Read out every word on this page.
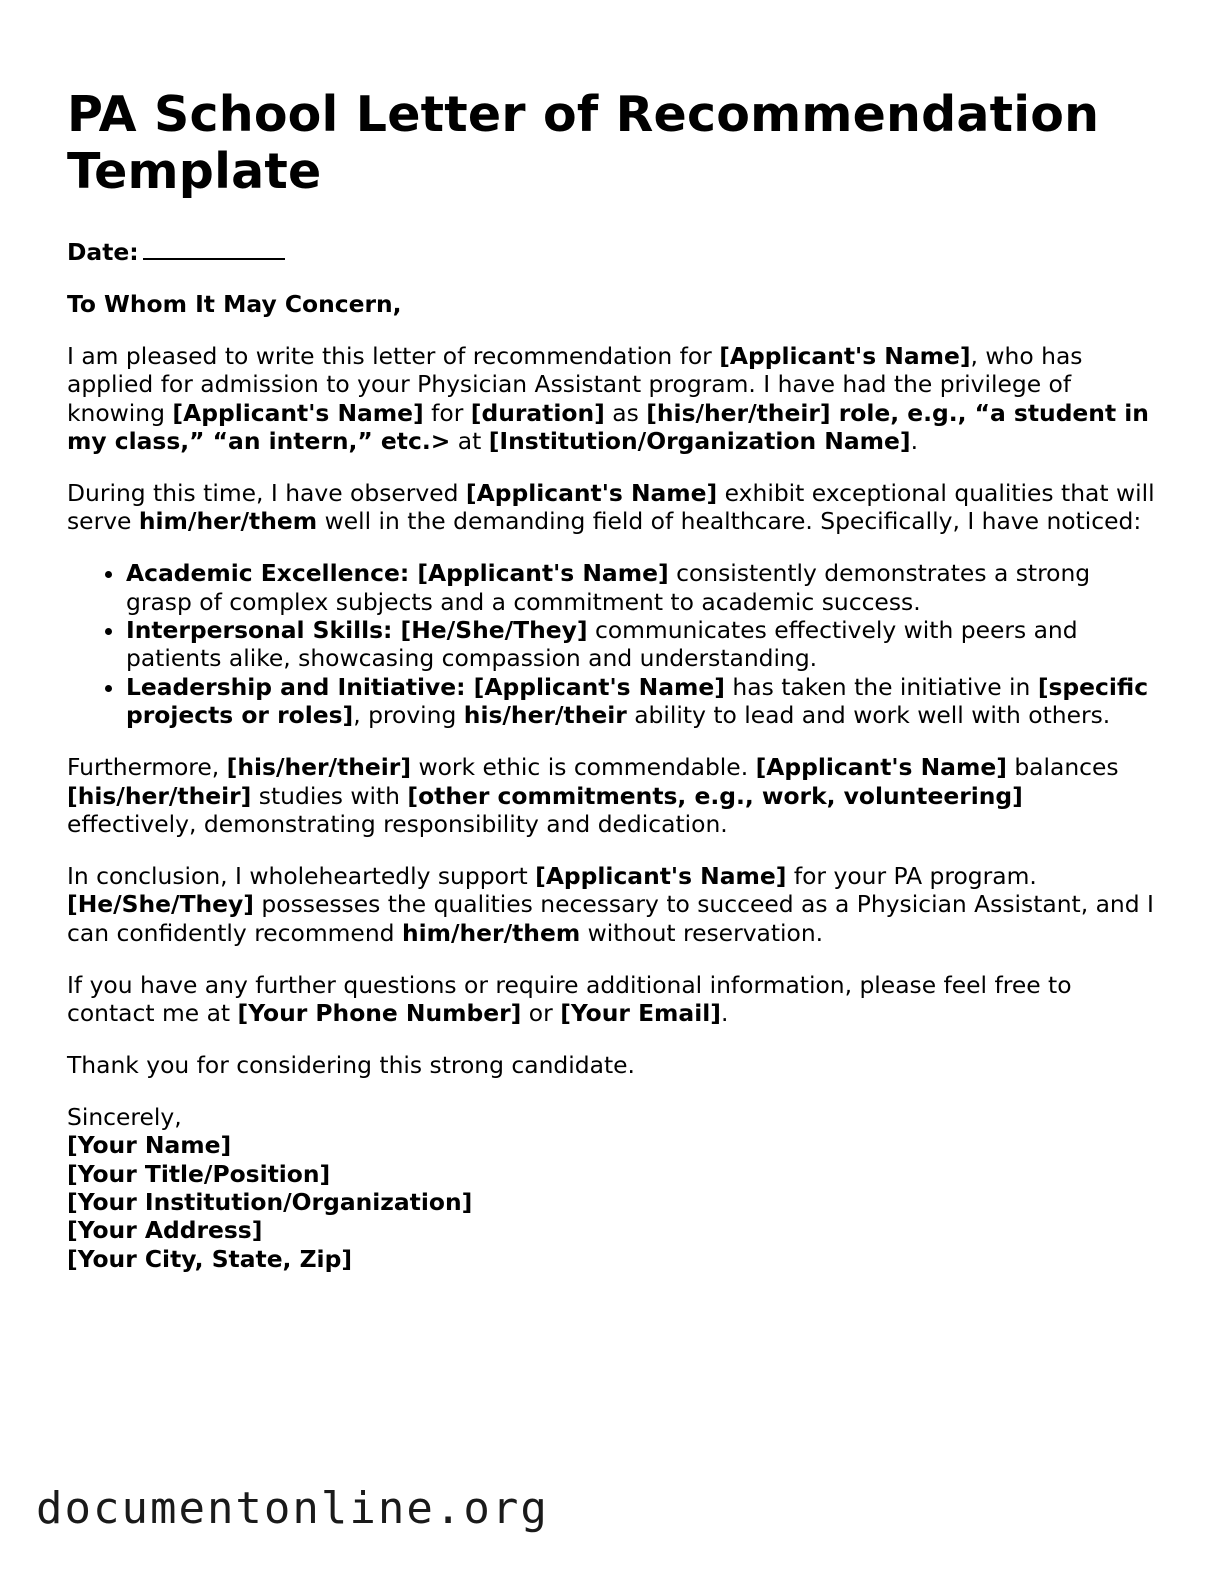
PA School Letter of Recommendation Template

Date:

To Whom It May Concern,

I am pleased to write this letter of recommendation for [Applicant's Name], who has applied for admission to your Physician Assistant program. I have had the privilege of knowing [Applicant's Name] for [duration] as [his/her/their] role, e.g., “a student in my class,” “an intern,” etc.> at [Institution/Organization Name].

During this time, I have observed [Applicant's Name] exhibit exceptional qualities that will serve him/her/them well in the demanding field of healthcare. Specifically, I have noticed:

• Academic Excellence: [Applicant's Name] consistently demonstrates a strong grasp of complex subjects and a commitment to academic success.
• Interpersonal Skills: [He/She/They] communicates effectively with peers and patients alike, showcasing compassion and understanding.
• Leadership and Initiative: [Applicant's Name] has taken the initiative in [specific projects or roles], proving his/her/their ability to lead and work well with others.

Furthermore, [his/her/their] work ethic is commendable. [Applicant's Name] balances [his/her/their] studies with [other commitments, e.g., work, volunteering] effectively, demonstrating responsibility and dedication.

In conclusion, I wholeheartedly support [Applicant's Name] for your PA program. [He/She/They] possesses the qualities necessary to succeed as a Physician Assistant, and I can confidently recommend him/her/them without reservation.

If you have any further questions or require additional information, please feel free to contact me at [Your Phone Number] or [Your Email].

Thank you for considering this strong candidate.

Sincerely,

[Your Name]

[Your Title/Position]

[Your Institution/Organization]

[Your Address]

[Your City, State, Zip]

documentonline.org
